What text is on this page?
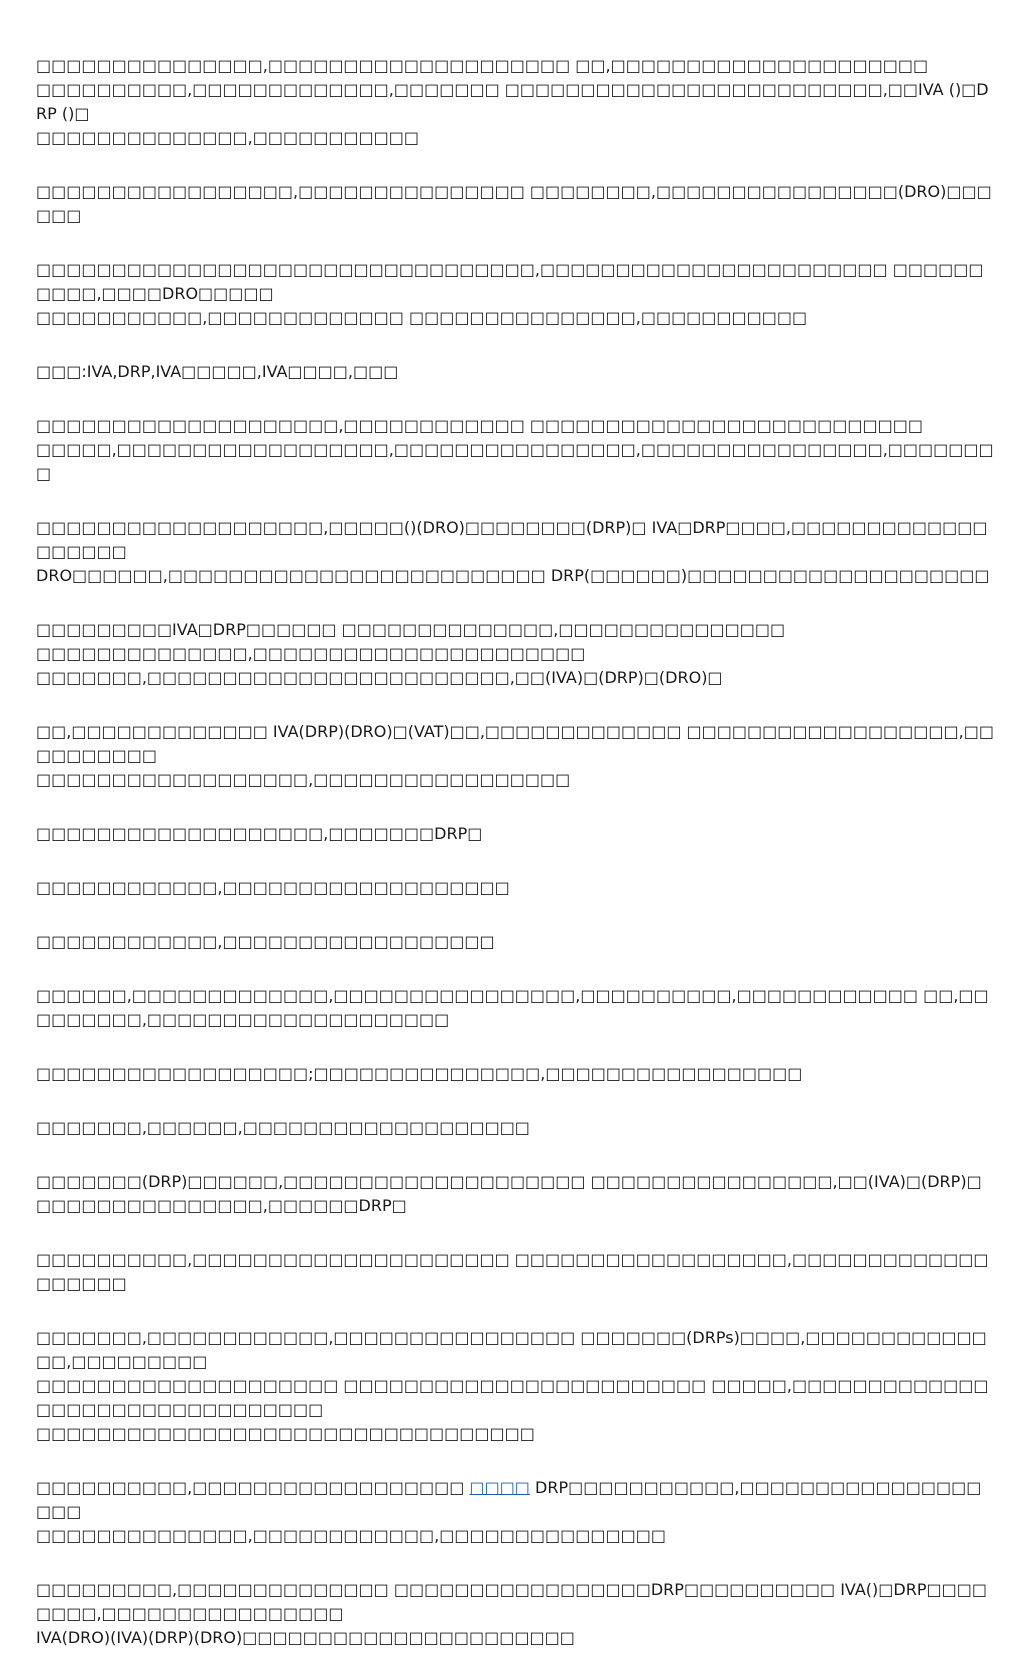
□□□□□□□□□□□□□□□,□□□□□□□□□□□□□□□□□□□□ □□,□□□□□□□□□□□□□□□□□□□□□
□□□□□□□□□□,□□□□□□□□□□□□□,□□□□□□□ □□□□□□□□□□□□□□□□□□□□□□□□□,□□IVA ()□DRP ()□
□□□□□□□□□□□□□□,□□□□□□□□□□□

□□□□□□□□□□□□□□□□□,□□□□□□□□□□□□□□□ □□□□□□□□,□□□□□□□□□□□□□□□□(DRO)□□□□□□

□□□□□□□□□□□□□□□□□□□□□□□□□□□□□□□□□,□□□□□□□□□□□□□□□□□□□□□□□ □□□□□□□□□□,□□□□DRO□□□□□
□□□□□□□□□□□,□□□□□□□□□□□□□ □□□□□□□□□□□□□□□,□□□□□□□□□□□

□□□:IVA,DRP,IVA□□□□□,IVA□□□□,□□□

□□□□□□□□□□□□□□□□□□□□,□□□□□□□□□□□□ □□□□□□□□□□□□□□□□□□□□□□□□□□
□□□□□,□□□□□□□□□□□□□□□□□□,□□□□□□□□□□□□□□□□,□□□□□□□□□□□□□□□□,□□□□□□□□

□□□□□□□□□□□□□□□□□□□,□□□□□()(DRO)□□□□□□□□(DRP)□ IVA□DRP□□□□,□□□□□□□□□□□□□□□□□□□
DRO□□□□□□,□□□□□□□□□□□□□□□□□□□□□□□□□ DRP(□□□□□□)□□□□□□□□□□□□□□□□□□□□

□□□□□□□□□IVA□DRP□□□□□□ □□□□□□□□□□□□□□,□□□□□□□□□□□□□□□
□□□□□□□□□□□□□□,□□□□□□□□□□□□□□□□□□□□□□
□□□□□□□,□□□□□□□□□□□□□□□□□□□□□□□□,□□(IVA)□(DRP)□(DRO)□

□□,□□□□□□□□□□□□□ IVA(DRP)(DRO)□(VAT)□□,□□□□□□□□□□□□□ □□□□□□□□□□□□□□□□□□,□□□□□□□□□□
□□□□□□□□□□□□□□□□□□,□□□□□□□□□□□□□□□□□

□□□□□□□□□□□□□□□□□□□,□□□□□□□DRP□

□□□□□□□□□□□□,□□□□□□□□□□□□□□□□□□□

□□□□□□□□□□□□,□□□□□□□□□□□□□□□□□□

□□□□□□,□□□□□□□□□□□□□,□□□□□□□□□□□□□□□□,□□□□□□□□□□,□□□□□□□□□□□□ □□,□□□□□□□□□,□□□□□□□□□□□□□□□□□□□□

□□□□□□□□□□□□□□□□□□;□□□□□□□□□□□□□□□,□□□□□□□□□□□□□□□□□

□□□□□□□,□□□□□□,□□□□□□□□□□□□□□□□□□□

□□□□□□□(DRP)□□□□□□,□□□□□□□□□□□□□□□□□□□□ □□□□□□□□□□□□□□□□,□□(IVA)□(DRP)□
□□□□□□□□□□□□□□□,□□□□□□DRP□

□□□□□□□□□□,□□□□□□□□□□□□□□□□□□□□□ □□□□□□□□□□□□□□□□□□,□□□□□□□□□□□□□□□□□□□

□□□□□□□,□□□□□□□□□□□□,□□□□□□□□□□□□□□□□ □□□□□□□(DRPs)□□□□,□□□□□□□□□□□□□□,□□□□□□□□□
□□□□□□□□□□□□□□□□□□□□ □□□□□□□□□□□□□□□□□□□□□□□□ □□□□□,□□□□□□□□□□□□□□□□□□□□□□□□□□□□□□□□
□□□□□□□□□□□□□□□□□□□□□□□□□□□□□□□□□

□□□□□□□□□□,□□□□□□□□□□□□□□□□□□ □□□□ DRP□□□□□□□□□□□,□□□□□□□□□□□□□□□□□□□
□□□□□□□□□□□□□□,□□□□□□□□□□□□,□□□□□□□□□□□□□□□

□□□□□□□□□,□□□□□□□□□□□□□□ □□□□□□□□□□□□□□□□□DRP□□□□□□□□□□ IVA()□DRP□□□□□□□□,□□□□□□□□□□□□□□□□
IVA(DRO)(IVA)(DRP)(DRO)□□□□□□□□□□□□□□□□□□□□□□
